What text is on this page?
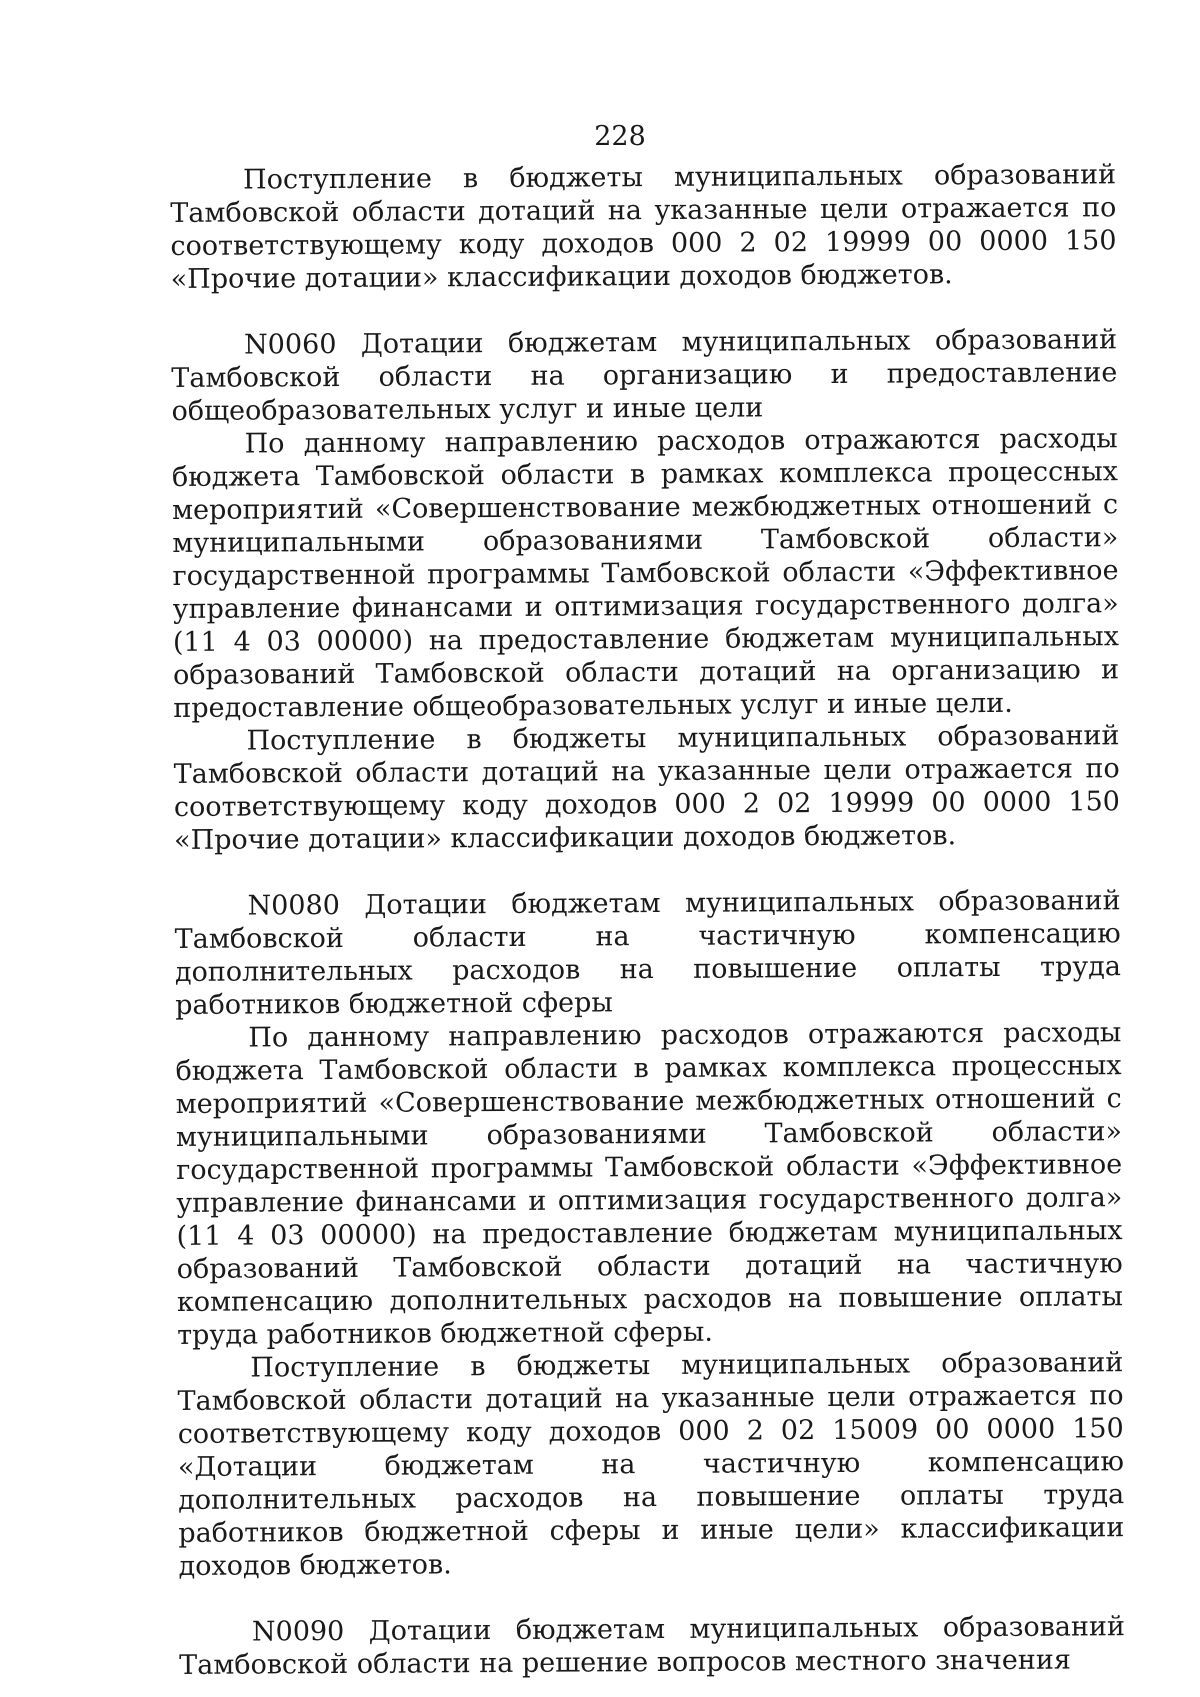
228

Поступление в бюджеты муниципальных образований Тамбовской области дотаций на указанные цели отражается по соответствующему коду доходов 000 2 02 19999 00 0000 150 «Прочие дотации» классификации доходов бюджетов.

N0060 Дотации бюджетам муниципальных образований Тамбовской области на организацию и предоставление общеобразовательных услуг и иные цели

По данному направлению расходов отражаются расходы бюджета Тамбовской области в рамках комплекса процессных мероприятий «Совершенствование межбюджетных отношений с муниципальными образованиями Тамбовской области» государственной программы Тамбовской области «Эффективное управление финансами и оптимизация государственного долга» (11 4 03 00000) на предоставление бюджетам муниципальных образований Тамбовской области дотаций на организацию и предоставление общеобразовательных услуг и иные цели.

Поступление в бюджеты муниципальных образований Тамбовской области дотаций на указанные цели отражается по соответствующему коду доходов 000 2 02 19999 00 0000 150 «Прочие дотации» классификации доходов бюджетов.

N0080 Дотации бюджетам муниципальных образований Тамбовской области на частичную компенсацию дополнительных расходов на повышение оплаты труда работников бюджетной сферы

По данному направлению расходов отражаются расходы бюджета Тамбовской области в рамках комплекса процессных мероприятий «Совершенствование межбюджетных отношений с муниципальными образованиями Тамбовской области» государственной программы Тамбовской области «Эффективное управление финансами и оптимизация государственного долга» (11 4 03 00000) на предоставление бюджетам муниципальных образований Тамбовской области дотаций на частичную компенсацию дополнительных расходов на повышение оплаты труда работников бюджетной сферы.

Поступление в бюджеты муниципальных образований Тамбовской области дотаций на указанные цели отражается по соответствующему коду доходов 000 2 02 15009 00 0000 150 «Дотации бюджетам на частичную компенсацию дополнительных расходов на повышение оплаты труда работников бюджетной сферы и иные цели» классификации доходов бюджетов.

N0090 Дотации бюджетам муниципальных образований Тамбовской области на решение вопросов местного значения
